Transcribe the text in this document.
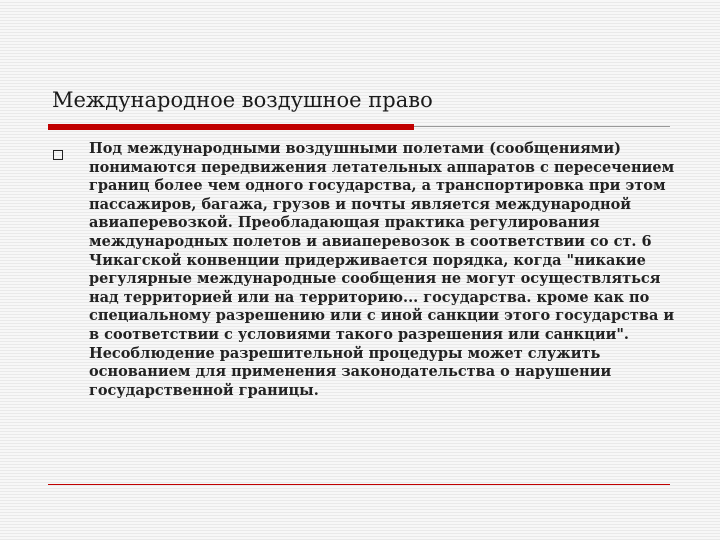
Международное воздушное право

Под международными воздушными полетами (сообщениями) понимаются передвижения летательных аппаратов с пересечением границ более чем одного государства, а транспортировка при этом пассажиров, багажа, грузов и почты является международной авиаперевозкой. Преобладающая практика регулирования международных полетов и авиаперевозок в соответствии со ст. 6 Чикагской конвенции придерживается порядка, когда "никакие регулярные международные сообщения не могут осуществляться над территорией или на территорию... государства. кроме как по специальному разрешению или с иной санкции этого государства и в соответствии с условиями такого разрешения или санкции". Несоблюдение разрешительной процедуры может служить основанием для применения законодательства о нарушении государственной границы.
